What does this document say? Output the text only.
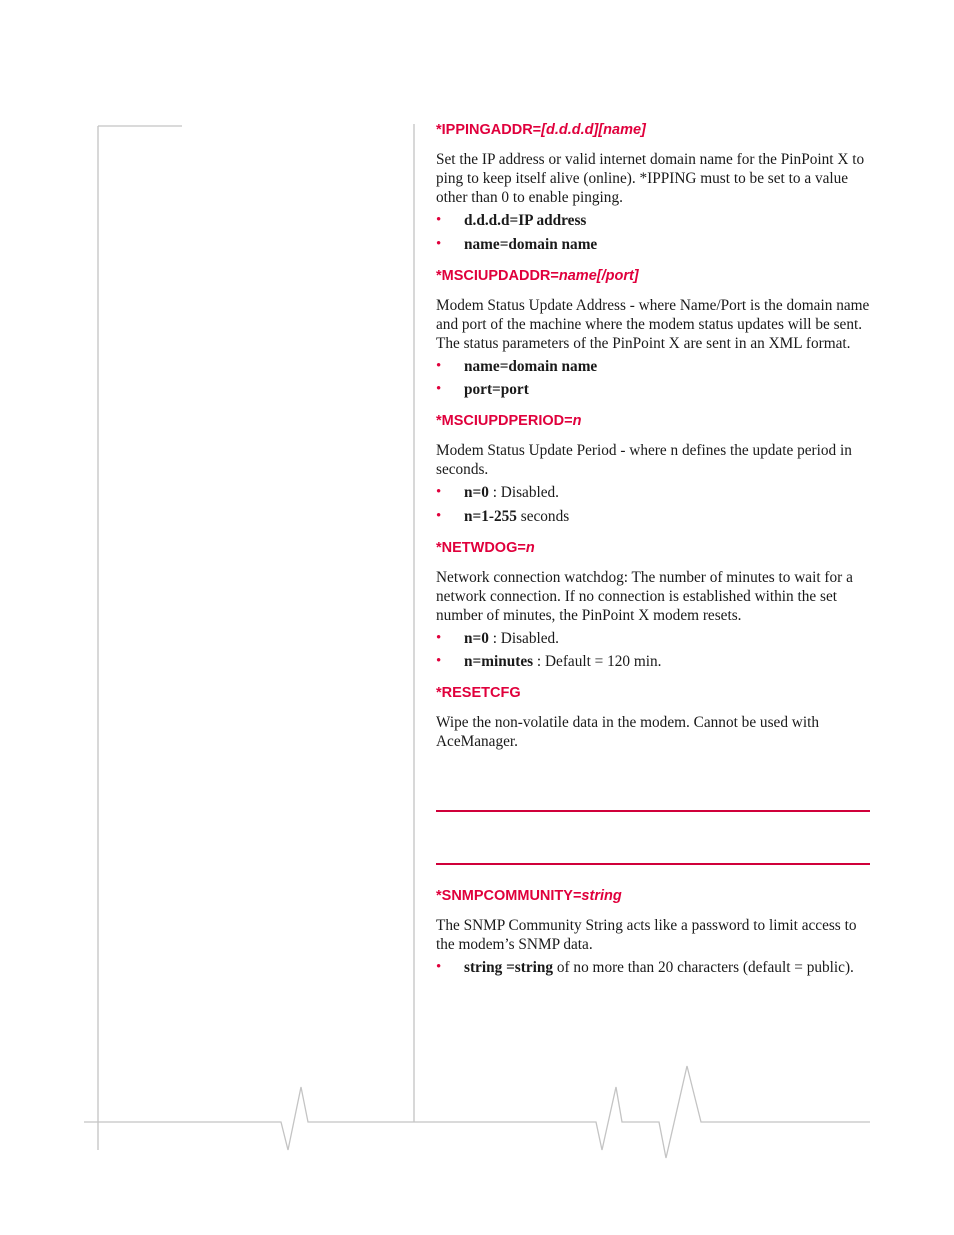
*IPPINGADDR=[d.d.d.d][name]

Set the IP address or valid internet domain name for the PinPoint X to ping to keep itself alive (online). *IPPING must to be set to a value other than 0 to enable pinging.

• d.d.d.d=IP address
• name=domain name
*MSCIUPDADDR=name[/port]

Modem Status Update Address - where Name/Port is the domain name and port of the machine where the modem status updates will be sent. The status parameters of the PinPoint X are sent in an XML format.

• name=domain name
• port=port
*MSCIUPDPERIOD=n

Modem Status Update Period - where n defines the update period in seconds.

• n=0 : Disabled.
• n=1-255 seconds
*NETWDOG=n

Network connection watchdog: The number of minutes to wait for a network connection. If no connection is established within the set number of minutes, the PinPoint X modem resets.

• n=0 : Disabled.
• n=minutes : Default = 120 min.
*RESETCFG

Wipe the non-volatile data in the modem. Cannot be used with AceManager.

*SNMPCOMMUNITY=string

The SNMP Community String acts like a password to limit access to the modem’s SNMP data.

• string =string of no more than 20 characters (default = public).
